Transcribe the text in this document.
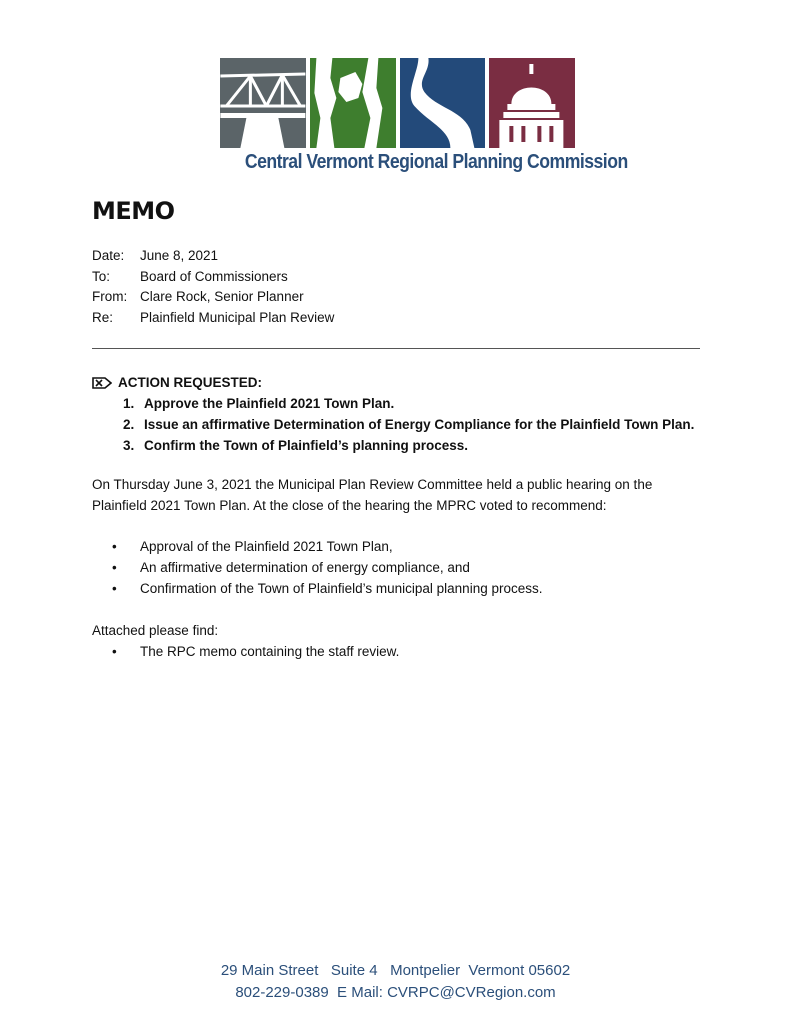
Central Vermont Regional Planning Commission
MEMO
Date:	June 8, 2021
To:	Board of Commissioners
From: Clare Rock, Senior Planner
Re:	Plainfield Municipal Plan Review
ACTION REQUESTED:
1. Approve the Plainfield 2021 Town Plan.
2. Issue an affirmative Determination of Energy Compliance for the Plainfield Town Plan.
3. Confirm the Town of Plainfield’s planning process.
On Thursday June 3, 2021 the Municipal Plan Review Committee held a public hearing on the Plainfield 2021 Town Plan. At the close of the hearing the MPRC voted to recommend:
•	Approval of the Plainfield 2021 Town Plan,
•	An affirmative determination of energy compliance, and
•	Confirmation of the Town of Plainfield’s municipal planning process.
Attached please find:
•	The RPC memo containing the staff review.
29 Main Street   Suite 4   Montpelier  Vermont 05602
802-229-0389  E Mail: CVRPC@CVRegion.com
